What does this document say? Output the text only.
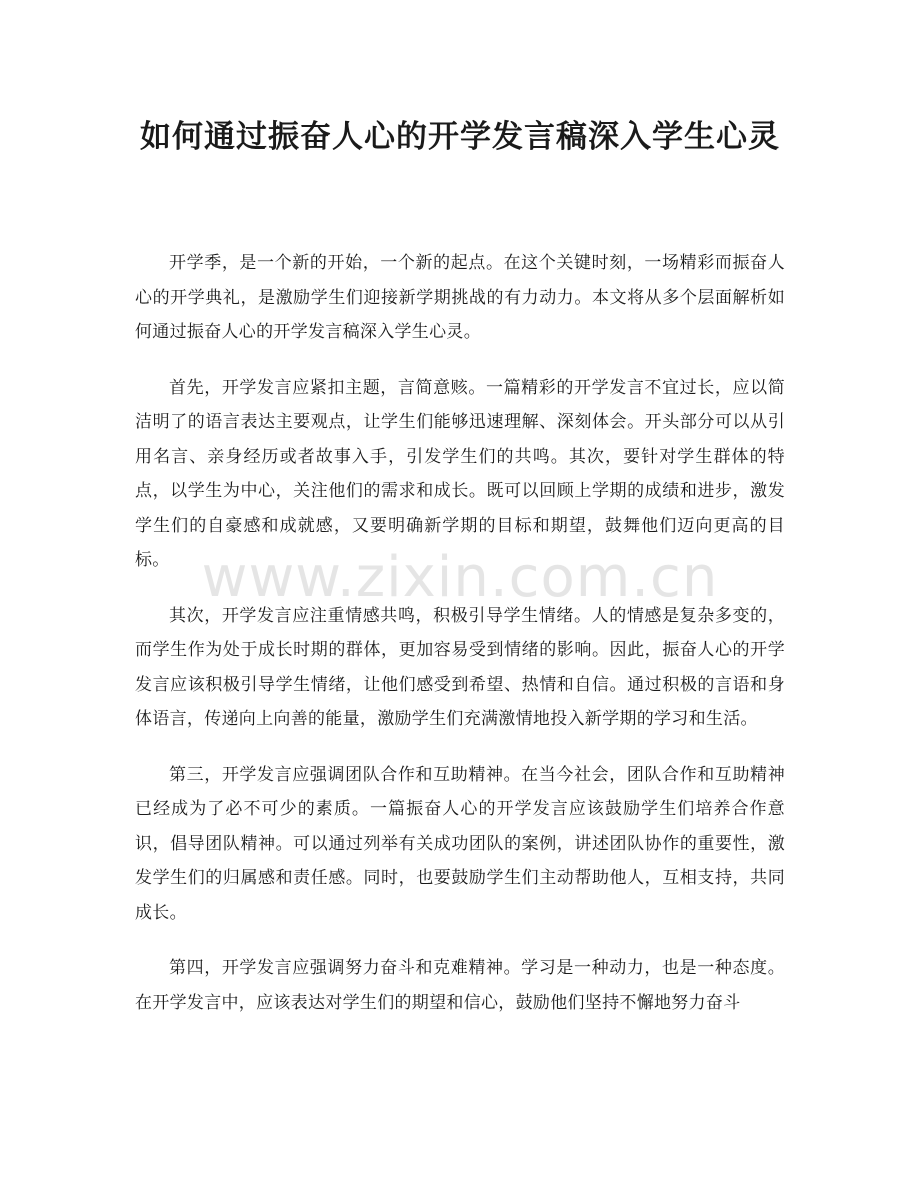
如何通过振奋人心的开学发言稿深入学生心灵

开学季，是一个新的开始，一个新的起点。在这个关键时刻，一场精彩而振奋人心的开学典礼，是激励学生们迎接新学期挑战的有力动力。本文将从多个层面解析如何通过振奋人心的开学发言稿深入学生心灵。

首先，开学发言应紧扣主题，言简意赅。一篇精彩的开学发言不宜过长，应以简洁明了的语言表达主要观点，让学生们能够迅速理解、深刻体会。开头部分可以从引用名言、亲身经历或者故事入手，引发学生们的共鸣。其次，要针对学生群体的特点，以学生为中心，关注他们的需求和成长。既可以回顾上学期的成绩和进步，激发学生们的自豪感和成就感，又要明确新学期的目标和期望，鼓舞他们迈向更高的目标。

其次，开学发言应注重情感共鸣，积极引导学生情绪。人的情感是复杂多变的，而学生作为处于成长时期的群体，更加容易受到情绪的影响。因此，振奋人心的开学发言应该积极引导学生情绪，让他们感受到希望、热情和自信。通过积极的言语和身体语言，传递向上向善的能量，激励学生们充满激情地投入新学期的学习和生活。

第三，开学发言应强调团队合作和互助精神。在当今社会，团队合作和互助精神已经成为了必不可少的素质。一篇振奋人心的开学发言应该鼓励学生们培养合作意识，倡导团队精神。可以通过列举有关成功团队的案例，讲述团队协作的重要性，激发学生们的归属感和责任感。同时，也要鼓励学生们主动帮助他人，互相支持，共同成长。

第四，开学发言应强调努力奋斗和克难精神。学习是一种动力，也是一种态度。在开学发言中，应该表达对学生们的期望和信心，鼓励他们坚持不懈地努力奋斗

www.zixin.com.cn
